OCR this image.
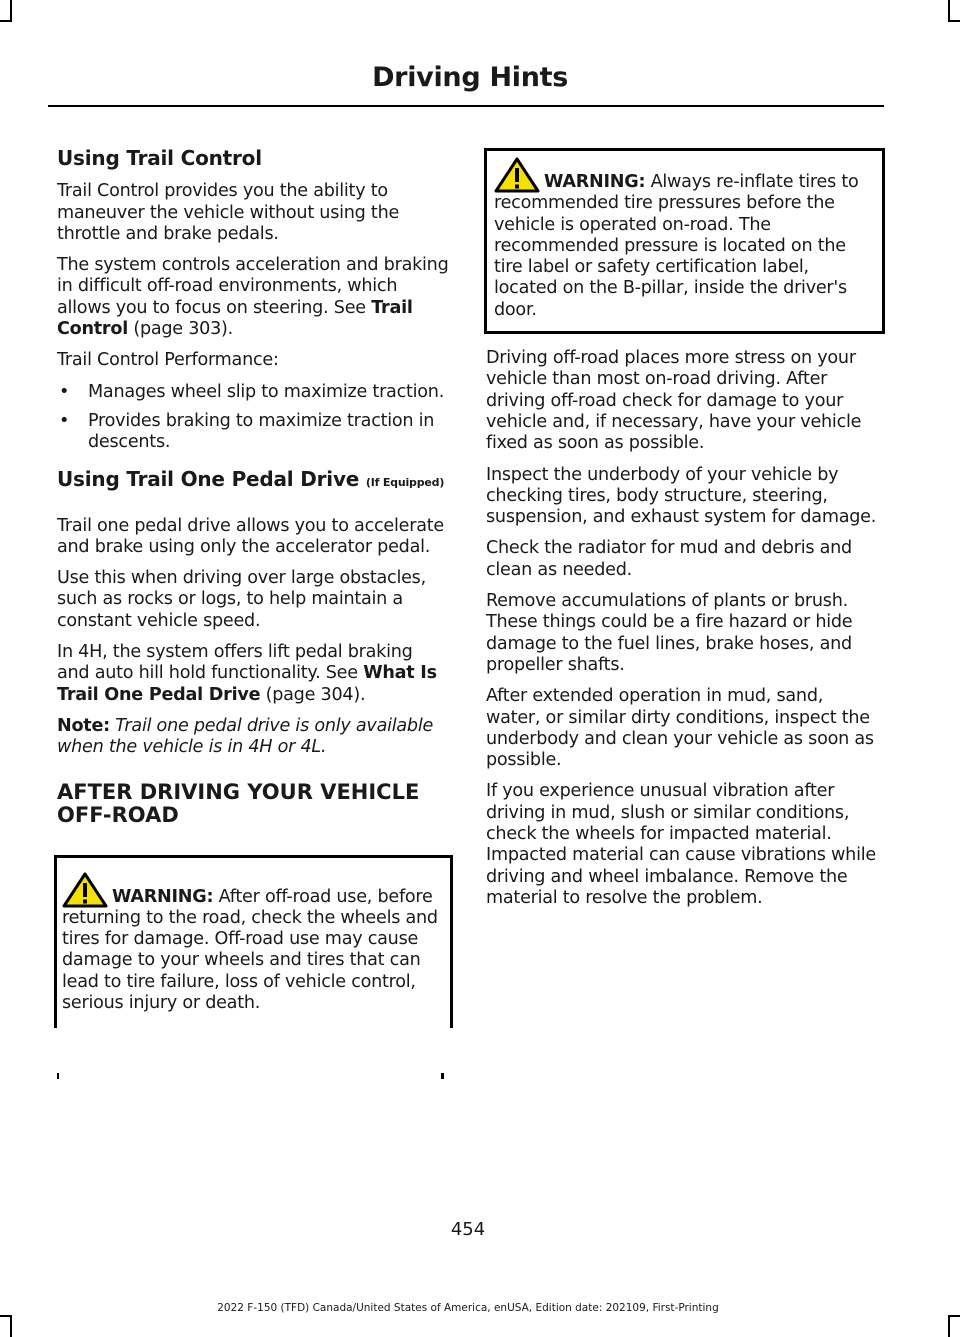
Driving Hints
Using Trail Control

Trail Control provides you the ability to maneuver the vehicle without using the throttle and brake pedals.

The system controls acceleration and braking in difficult off-road environments, which allows you to focus on steering. See Trail Control (page 303).

Trail Control Performance:

• Manages wheel slip to maximize traction.
• Provides braking to maximize traction in descents.
Using Trail One Pedal Drive (If Equipped)

Trail one pedal drive allows you to accelerate and brake using only the accelerator pedal.

Use this when driving over large obstacles, such as rocks or logs, to help maintain a constant vehicle speed.

In 4H, the system offers lift pedal braking and auto hill hold functionality. See What Is Trail One Pedal Drive (page 304).

Note: Trail one pedal drive is only available when the vehicle is in 4H or 4L.

AFTER DRIVING YOUR VEHICLE OFF-ROAD
WARNING: After off-road use, before returning to the road, check the wheels and tires for damage. Off-road use may cause damage to your wheels and tires that can lead to tire failure, loss of vehicle control, serious injury or death.
WARNING: Always re-inflate tires to recommended tire pressures before the vehicle is operated on-road. The recommended pressure is located on the tire label or safety certification label, located on the B-pillar, inside the driver's door.

Driving off-road places more stress on your vehicle than most on-road driving. After driving off-road check for damage to your vehicle and, if necessary, have your vehicle fixed as soon as possible.

Inspect the underbody of your vehicle by checking tires, body structure, steering, suspension, and exhaust system for damage.

Check the radiator for mud and debris and clean as needed.

Remove accumulations of plants or brush. These things could be a fire hazard or hide damage to the fuel lines, brake hoses, and propeller shafts.

After extended operation in mud, sand, water, or similar dirty conditions, inspect the underbody and clean your vehicle as soon as possible.

If you experience unusual vibration after driving in mud, slush or similar conditions, check the wheels for impacted material. Impacted material can cause vibrations while driving and wheel imbalance. Remove the material to resolve the problem.

454
2022 F-150 (TFD) Canada/United States of America, enUSA, Edition date: 202109, First-Printing
